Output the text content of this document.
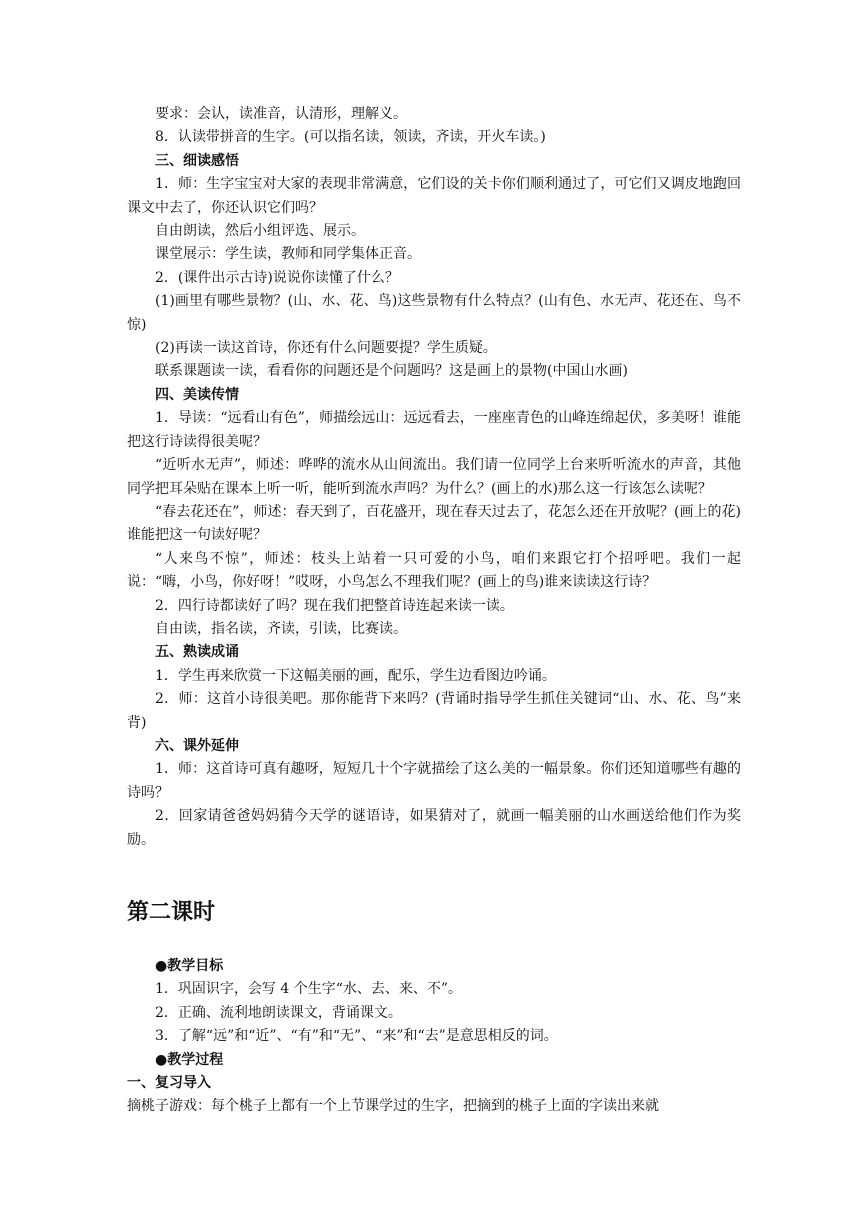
要求：会认，读准音，认清形，理解义。

8．认读带拼音的生字。(可以指名读，领读，齐读，开火车读。)

三、细读感悟

1．师：生字宝宝对大家的表现非常满意，它们设的关卡你们顺利通过了，可它们又调皮地跑回课文中去了，你还认识它们吗？

自由朗读，然后小组评选、展示。

课堂展示：学生读，教师和同学集体正音。

2．(课件出示古诗)说说你读懂了什么？

(1)画里有哪些景物？(山、水、花、鸟)这些景物有什么特点？(山有色、水无声、花还在、鸟不惊)

(2)再读一读这首诗，你还有什么问题要提？学生质疑。

联系课题读一读，看看你的问题还是个问题吗？这是画上的景物(中国山水画)

四、美读传情

1．导读：“远看山有色”，师描绘远山：远远看去，一座座青色的山峰连绵起伏，多美呀！谁能把这行诗读得很美呢？

“近听水无声”，师述：哗哗的流水从山间流出。我们请一位同学上台来听听流水的声音，其他同学把耳朵贴在课本上听一听，能听到流水声吗？为什么？(画上的水)那么这一行该怎么读呢？

“春去花还在”，师述：春天到了，百花盛开，现在春天过去了，花怎么还在开放呢？(画上的花)谁能把这一句读好呢？

“人来鸟不惊”，师述：枝头上站着一只可爱的小鸟，咱们来跟它打个招呼吧。我们一起说：“嗨，小鸟，你好呀！”哎呀，小鸟怎么不理我们呢？(画上的鸟)谁来读读这行诗？

2．四行诗都读好了吗？现在我们把整首诗连起来读一读。

自由读，指名读，齐读，引读，比赛读。

五、熟读成诵

1．学生再来欣赏一下这幅美丽的画，配乐，学生边看图边吟诵。

2．师：这首小诗很美吧。那你能背下来吗？(背诵时指导学生抓住关键词“山、水、花、鸟”来背)

六、课外延伸

1．师：这首诗可真有趣呀，短短几十个字就描绘了这么美的一幅景象。你们还知道哪些有趣的诗吗？

2．回家请爸爸妈妈猜今天学的谜语诗，如果猜对了，就画一幅美丽的山水画送给他们作为奖励。

第二课时

●教学目标

1．巩固识字，会写 4 个生字“水、去、来、不”。

2．正确、流利地朗读课文，背诵课文。

3．了解“远”和“近”、“有”和“无”、“来”和“去”是意思相反的词。

●教学过程

一、复习导入

摘桃子游戏：每个桃子上都有一个上节课学过的生字，把摘到的桃子上面的字读出来就
